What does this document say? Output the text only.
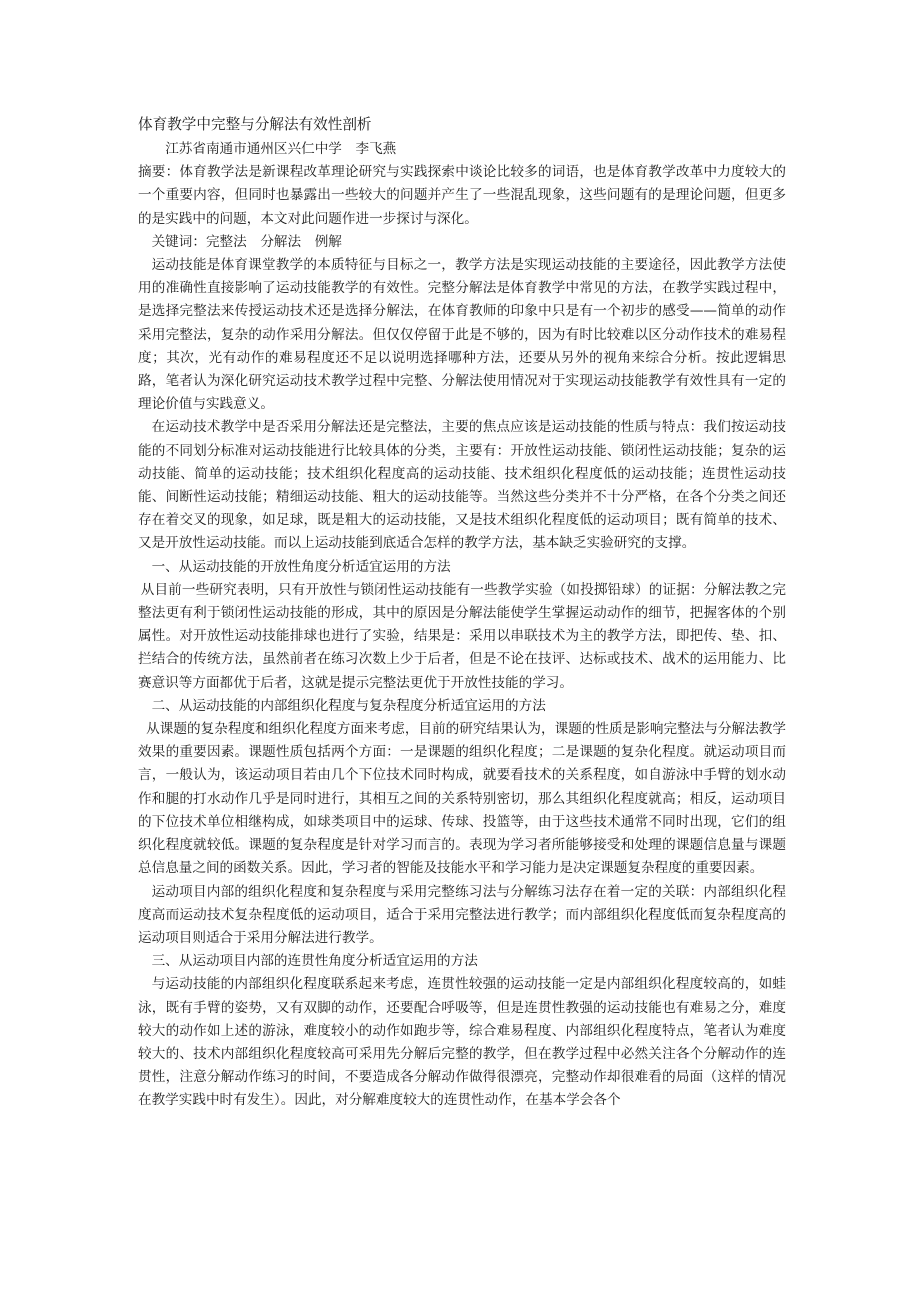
体育教学中完整与分解法有效性剖析

江苏省南通市通州区兴仁中学　李飞燕

摘要：体育教学法是新课程改革理论研究与实践探索中谈论比较多的词语，也是体育教学改革中力度较大的一个重要内容，但同时也暴露出一些较大的问题并产生了一些混乱现象，这些问题有的是理论问题，但更多的是实践中的问题，本文对此问题作进一步探讨与深化。

关键词：完整法　分解法　例解

运动技能是体育课堂教学的本质特征与目标之一，教学方法是实现运动技能的主要途径，因此教学方法使用的准确性直接影响了运动技能教学的有效性。完整分解法是体育教学中常见的方法，在教学实践过程中，是选择完整法来传授运动技术还是选择分解法，在体育教师的印象中只是有一个初步的感受——简单的动作采用完整法，复杂的动作采用分解法。但仅仅停留于此是不够的，因为有时比较难以区分动作技术的难易程度；其次，光有动作的难易程度还不足以说明选择哪种方法，还要从另外的视角来综合分析。按此逻辑思路，笔者认为深化研究运动技术教学过程中完整、分解法使用情况对于实现运动技能教学有效性具有一定的理论价值与实践意义。

在运动技术教学中是否采用分解法还是完整法，主要的焦点应该是运动技能的性质与特点：我们按运动技能的不同划分标准对运动技能进行比较具体的分类，主要有：开放性运动技能、锁闭性运动技能；复杂的运动技能、简单的运动技能；技术组织化程度高的运动技能、技术组织化程度低的运动技能；连贯性运动技能、间断性运动技能；精细运动技能、粗大的运动技能等。当然这些分类并不十分严格，在各个分类之间还存在着交叉的现象，如足球，既是粗大的运动技能，又是技术组织化程度低的运动项目；既有简单的技术、又是开放性运动技能。而以上运动技能到底适合怎样的教学方法，基本缺乏实验研究的支撑。

一、从运动技能的开放性角度分析适宜运用的方法

从目前一些研究表明，只有开放性与锁闭性运动技能有一些教学实验（如投掷铅球）的证据：分解法教之完整法更有利于锁闭性运动技能的形成，其中的原因是分解法能使学生掌握运动动作的细节，把握客体的个别属性。对开放性运动技能排球也进行了实验，结果是：采用以串联技术为主的教学方法，即把传、垫、扣、拦结合的传统方法，虽然前者在练习次数上少于后者，但是不论在技评、达标或技术、战术的运用能力、比赛意识等方面都优于后者，这就是提示完整法更优于开放性技能的学习。

二、从运动技能的内部组织化程度与复杂程度分析适宜运用的方法

从课题的复杂程度和组织化程度方面来考虑，目前的研究结果认为，课题的性质是影响完整法与分解法教学效果的重要因素。课题性质包括两个方面：一是课题的组织化程度；二是课题的复杂化程度。就运动项目而言，一般认为，该运动项目若由几个下位技术同时构成，就要看技术的关系程度，如自游泳中手臂的划水动作和腿的打水动作几乎是同时进行，其相互之间的关系特别密切，那么其组织化程度就高；相反，运动项目的下位技术单位相继构成，如球类项目中的运球、传球、投篮等，由于这些技术通常不同时出现，它们的组织化程度就较低。课题的复杂程度是针对学习而言的。表现为学习者所能够接受和处理的课题信息量与课题总信息量之间的函数关系。因此，学习者的智能及技能水平和学习能力是决定课题复杂程度的重要因素。

运动项目内部的组织化程度和复杂程度与采用完整练习法与分解练习法存在着一定的关联：内部组织化程度高而运动技术复杂程度低的运动项目，适合于采用完整法进行教学；而内部组织化程度低而复杂程度高的运动项目则适合于采用分解法进行教学。

三、从运动项目内部的连贯性角度分析适宜运用的方法

与运动技能的内部组织化程度联系起来考虑，连贯性较强的运动技能一定是内部组织化程度较高的，如蛙泳，既有手臂的姿势，又有双脚的动作，还要配合呼吸等，但是连贯性教强的运动技能也有难易之分，难度较大的动作如上述的游泳，难度较小的动作如跑步等，综合难易程度、内部组织化程度特点，笔者认为难度较大的、技术内部组织化程度较高可采用先分解后完整的教学，但在教学过程中必然关注各个分解动作的连贯性，注意分解动作练习的时间，不要造成各分解动作做得很漂亮，完整动作却很难看的局面（这样的情况在教学实践中时有发生）。因此，对分解难度较大的连贯性动作，在基本学会各个
